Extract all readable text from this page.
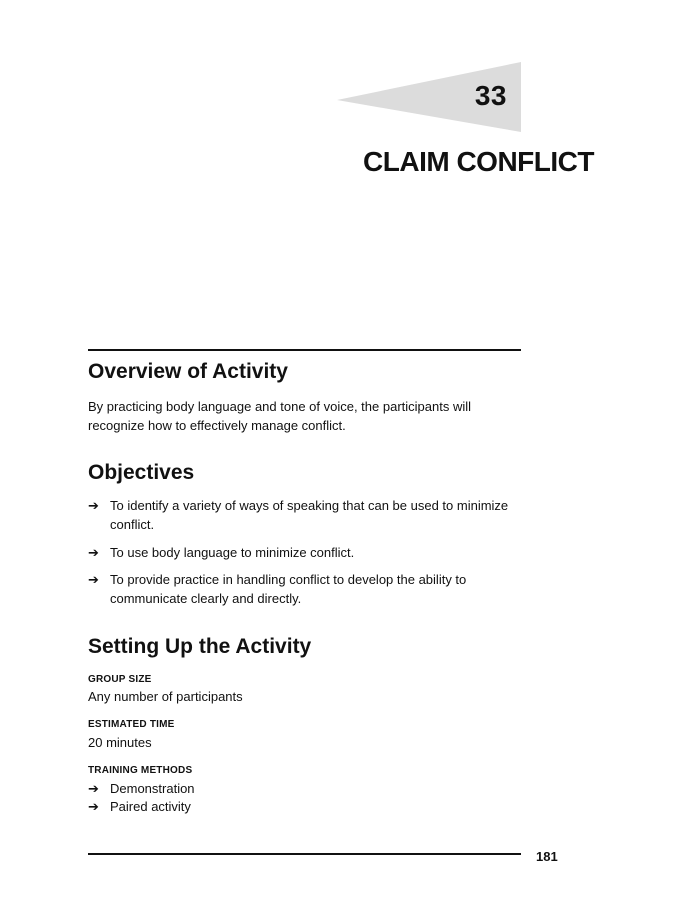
33
CLAIM CONFLICT
Overview of Activity

By practicing body language and tone of voice, the participants will recognize how to effectively manage conflict.

Objectives
➔ To identify a variety of ways of speaking that can be used to minimize conflict.
➔ To use body language to minimize conflict.
➔ To provide practice in handling conflict to develop the ability to communicate clearly and directly.
Setting Up the Activity

GROUP SIZE

Any number of participants

ESTIMATED TIME

20 minutes

TRAINING METHODS

➔ Demonstration
➔ Paired activity
181
